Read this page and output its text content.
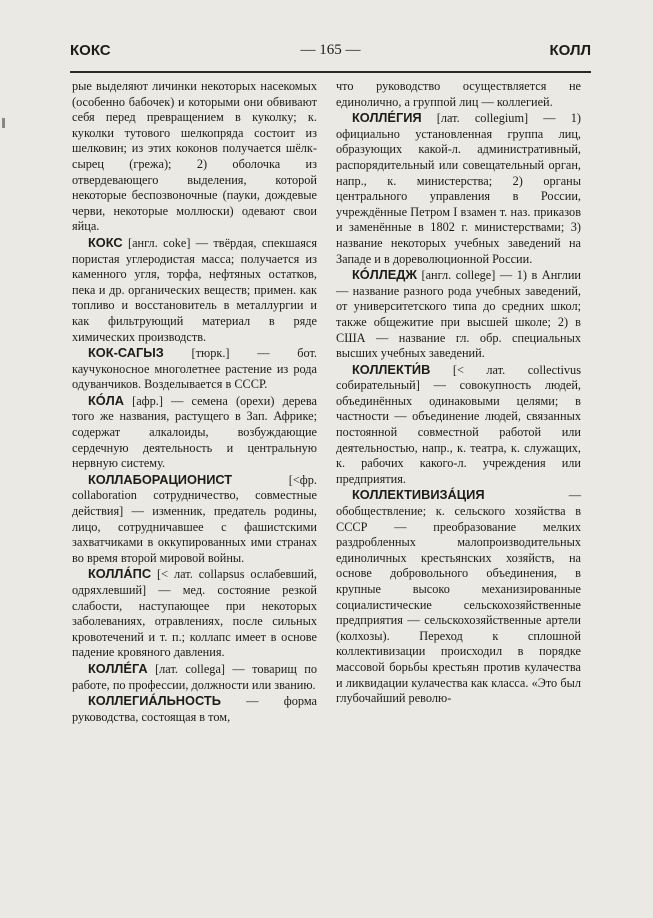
КОКС	— 165 —	КОЛЛ

рые выделяют личинки некоторых насекомых (особенно бабочек) и которыми они обвивают себя перед превращением в куколку; к. куколки тутового шелкопряда состоит из шелковин; из этих коконов получается шёлк-сырец (грежа); 2) оболочка из отвердевающего выделения, которой некоторые беспозвоночные (пауки, дождевые черви, некоторые моллюски) одевают свои яйца.

КОКС [англ. coke] — твёрдая, спекшаяся пористая углеродистая масса; получается из каменного угля, торфа, нефтяных остатков, пека и др. органических веществ; примен. как топливо и восстановитель в металлургии и как фильтрующий материал в ряде химических производств.

КОК-САГЫЗ [тюрк.] — бот. каучуконосное многолетнее растение из рода одуванчиков. Возделывается в СССР.

КÓЛА [афр.] — семена (орехи) дерева того же названия, растущего в Зап. Африке; содержат алкалоиды, возбуждающие сердечную деятельность и центральную нервную систему.

КОЛЛАБОРАЦИОНИСТ [<фр. collaboration сотрудничество, совместные действия] — изменник, предатель родины, лицо, сотрудничавшее с фашистскими захватчиками в оккупированных ими странах во время второй мировой войны.

КОЛЛÁПС [< лат. collapsus ослабевший, одряхлевший] — мед. состояние резкой слабости, наступающее при некоторых заболеваниях, отравлениях, после сильных кровотечений и т. п.; коллапс имеет в основе падение кровяного давления.

КОЛЛÉГА [лат. collega] — товарищ по работе, по профессии, должности или званию.

КОЛЛЕГИÁЛЬНОСТЬ — форма руководства, состоящая в том,

что руководство осуществляется не единолично, а группой лиц — коллегией.

КОЛЛÉГИЯ [лат. collegium] — 1) официально установленная группа лиц, образующих какой-л. административный, распорядительный или совещательный орган, напр., к. министерства; 2) органы центрального управления в России, учреждённые Петром I взамен т. наз. приказов и заменённые в 1802 г. министерствами; 3) название некоторых учебных заведений на Западе и в дореволюционной России.

КÓЛЛЕДЖ [англ. college] — 1) в Англии — название разного рода учебных заведений, от университетского типа до средних школ; также общежитие при высшей школе; 2) в США — название гл. обр. специальных высших учебных заведений.

КОЛЛЕКТИ́В [< лат. collectivus собирательный] — совокупность людей, объединённых одинаковыми целями; в частности — объединение людей, связанных постоянной совместной работой или деятельностью, напр., к. театра, к. служащих, к. рабочих какого-л. учреждения или предприятия.

КОЛЛЕКТИВИЗÁЦИЯ — обобществление; к. сельского хозяйства в СССР — преобразование мелких раздробленных малопроизводительных единоличных крестьянских хозяйств, на основе добровольного объединения, в крупные высоко механизированные социалистические сельскохозяйственные предприятия — сельскохозяйственные артели (колхозы). Переход к сплошной коллективизации происходил в порядке массовой борьбы крестьян против кулачества и ликвидации кулачества как класса. «Это был глубочайший револю-
